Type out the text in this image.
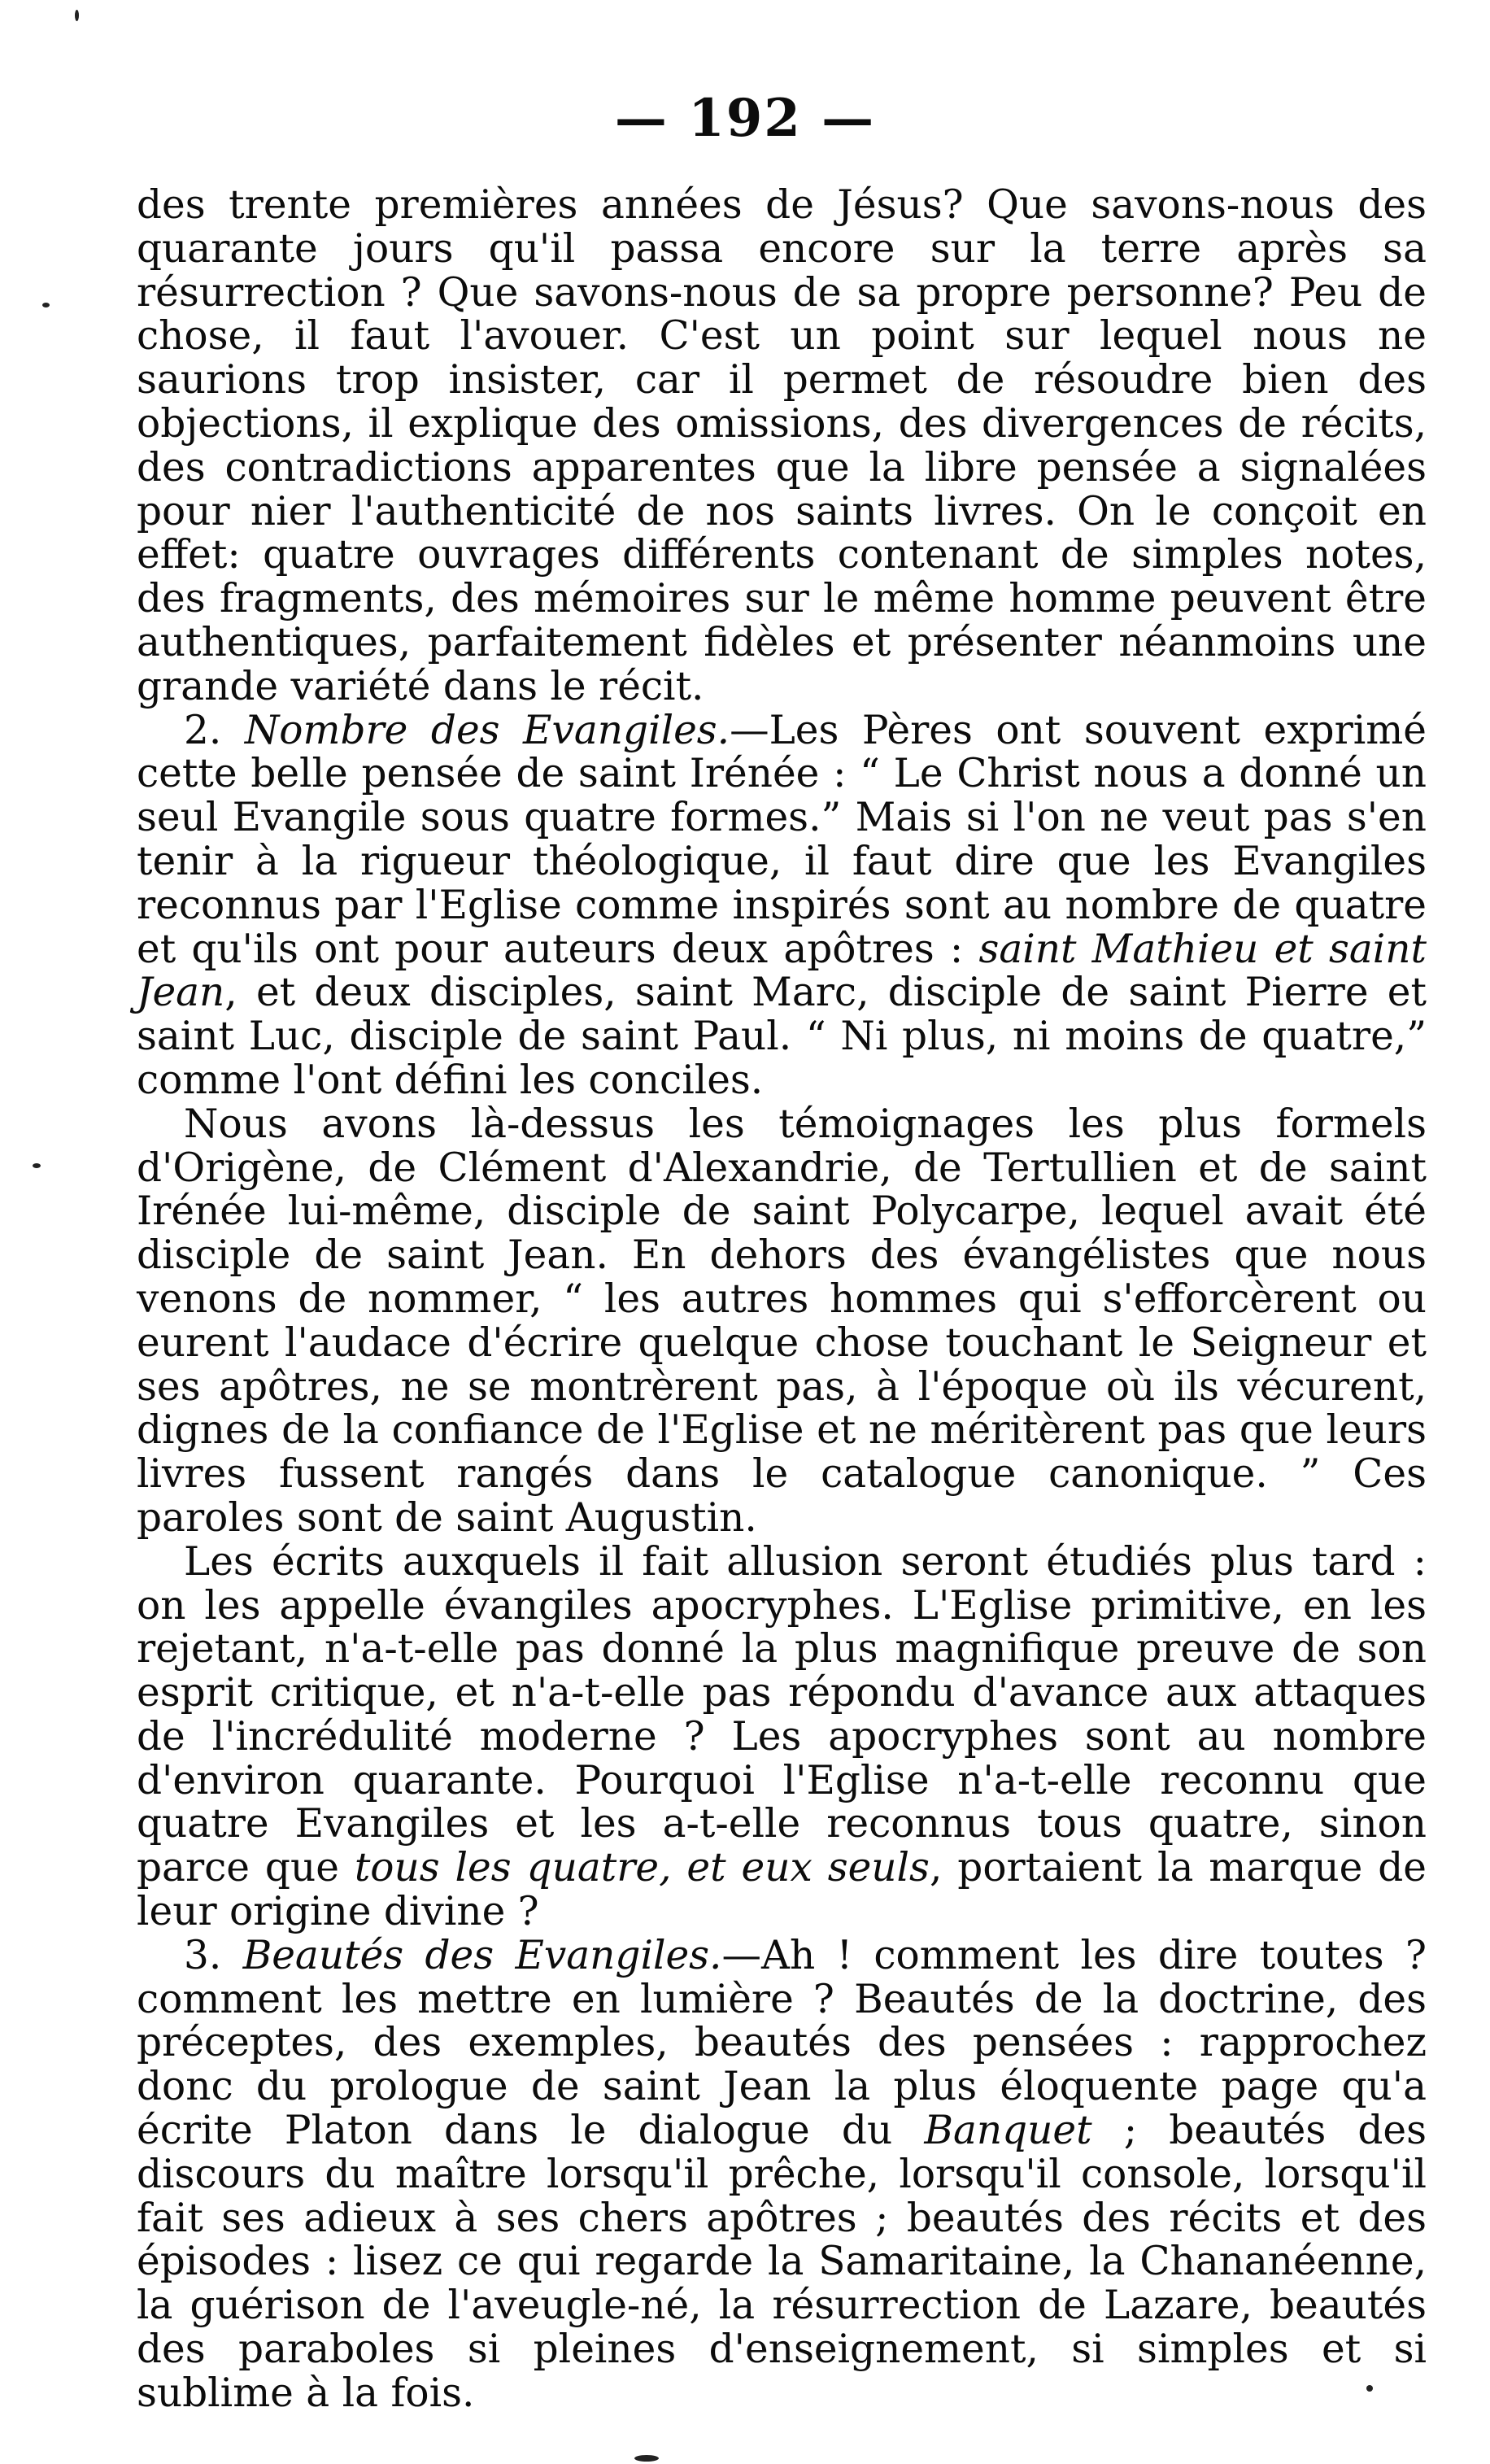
— 192 —

des trente premières années de Jésus? Que savons-nous des quarante jours qu'il passa encore sur la terre après sa résurrection ? Que savons-nous de sa propre personne? Peu de chose, il faut l'avouer. C'est un point sur lequel nous ne saurions trop insister, car il permet de résoudre bien des objections, il explique des omissions, des divergences de récits, des contradictions apparentes que la libre pensée a signalées pour nier l'authenticité de nos saints livres. On le conçoit en effet: quatre ouvrages différents contenant de simples notes, des fragments, des mémoires sur le même homme peuvent être authentiques, parfaitement fidèles et présenter néanmoins une grande variété dans le récit.

2. Nombre des Evangiles.—Les Pères ont souvent exprimé cette belle pensée de saint Irénée : “ Le Christ nous a donné un seul Evangile sous quatre formes.” Mais si l'on ne veut pas s'en tenir à la rigueur théologique, il faut dire que les Evangiles reconnus par l'Eglise comme inspirés sont au nombre de quatre et qu'ils ont pour auteurs deux apôtres : saint Mathieu et saint Jean, et deux disciples, saint Marc, disciple de saint Pierre et saint Luc, disciple de saint Paul. “ Ni plus, ni moins de quatre,” comme l'ont défini les conciles.

Nous avons là-dessus les témoignages les plus formels d'Origène, de Clément d'Alexandrie, de Tertullien et de saint Irénée lui-même, disciple de saint Polycarpe, lequel avait été disciple de saint Jean. En dehors des évangélistes que nous venons de nommer, “ les autres hommes qui s'efforcèrent ou eurent l'audace d'écrire quelque chose touchant le Seigneur et ses apôtres, ne se montrèrent pas, à l'époque où ils vécurent, dignes de la confiance de l'Eglise et ne méritèrent pas que leurs livres fussent rangés dans le catalogue canonique. ” Ces paroles sont de saint Augustin.

Les écrits auxquels il fait allusion seront étudiés plus tard : on les appelle évangiles apocryphes. L'Eglise primitive, en les rejetant, n'a-t-elle pas donné la plus magnifique preuve de son esprit critique, et n'a-t-elle pas répondu d'avance aux attaques de l'incrédulité moderne ? Les apocryphes sont au nombre d'environ quarante. Pourquoi l'Eglise n'a-t-elle reconnu que quatre Evangiles et les a-t-elle reconnus tous quatre, sinon parce que tous les quatre, et eux seuls, portaient la marque de leur origine divine ?

3. Beautés des Evangiles.—Ah ! comment les dire toutes ? comment les mettre en lumière ? Beautés de la doctrine, des préceptes, des exemples, beautés des pensées : rapprochez donc du prologue de saint Jean la plus éloquente page qu'a écrite Platon dans le dialogue du Banquet ; beautés des discours du maître lorsqu'il prêche, lorsqu'il console, lorsqu'il fait ses adieux à ses chers apôtres ; beautés des récits et des épisodes : lisez ce qui regarde la Samaritaine, la Chananéenne, la guérison de l'aveugle-né, la résurrection de Lazare, beautés des paraboles si pleines d'enseignement, si simples et si sublime à la fois.
